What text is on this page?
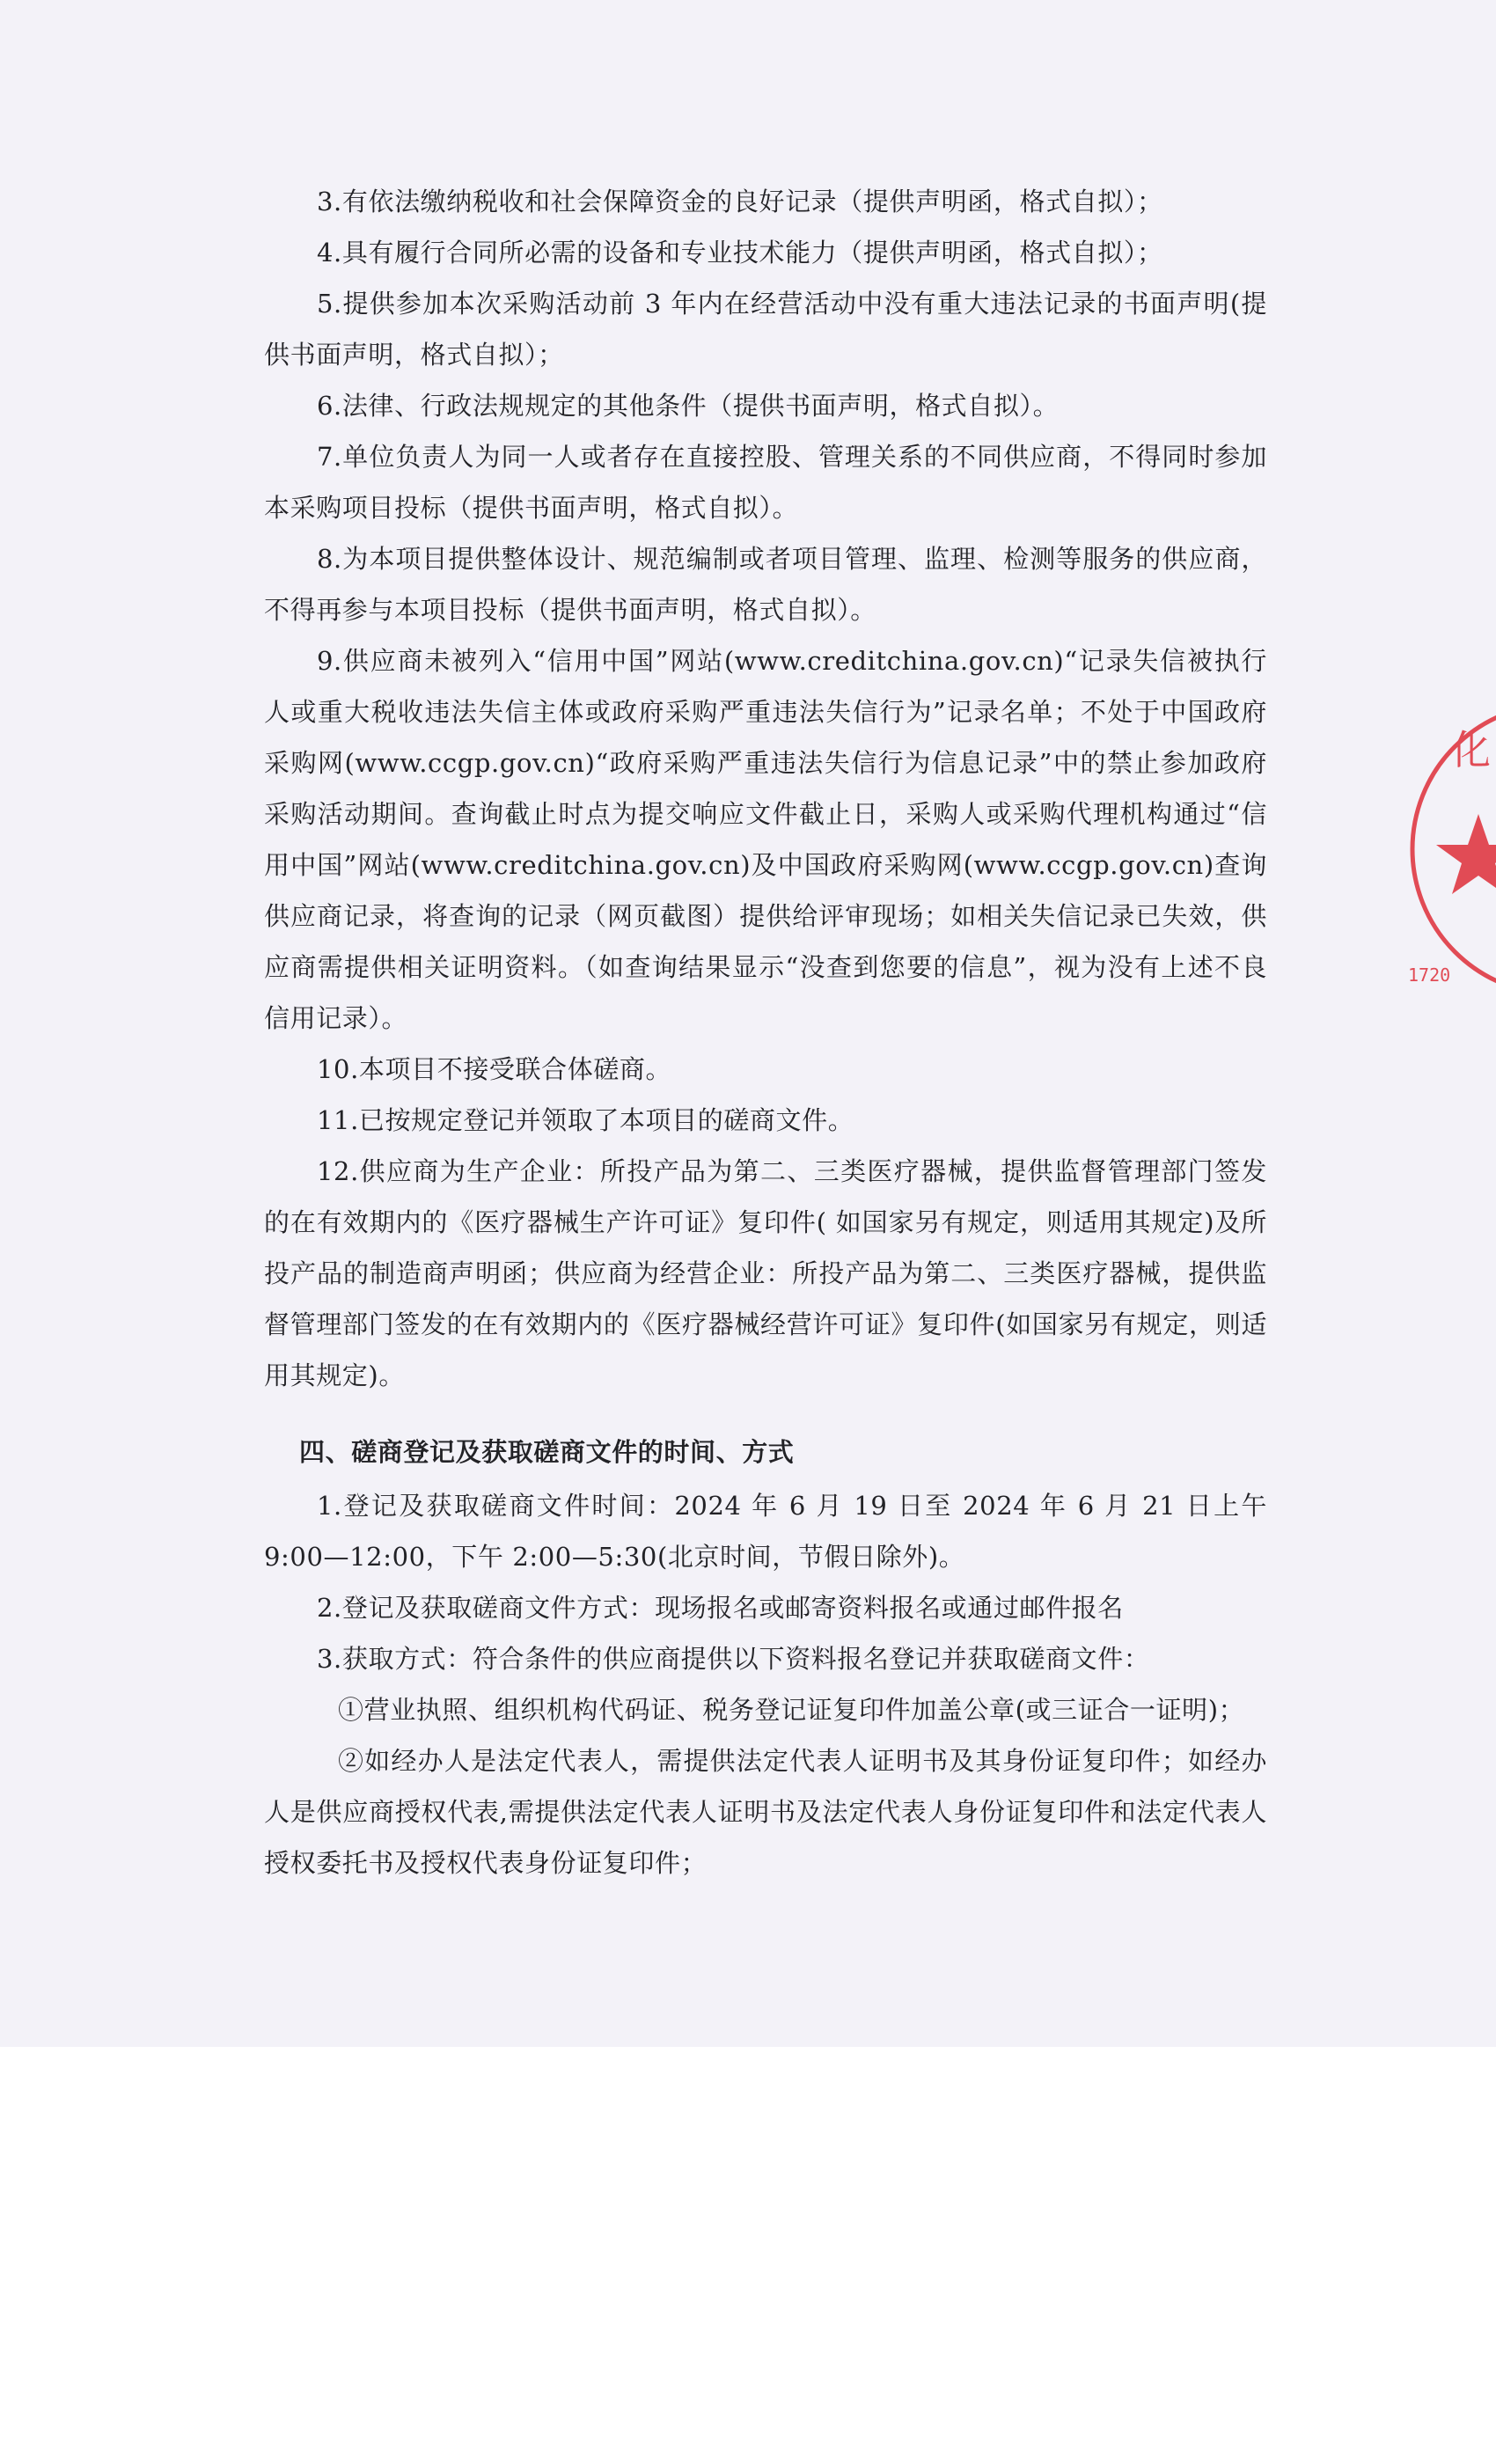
3.有依法缴纳税收和社会保障资金的良好记录（提供声明函，格式自拟）；

4.具有履行合同所必需的设备和专业技术能力（提供声明函，格式自拟）；

5.提供参加本次采购活动前 3 年内在经营活动中没有重大违法记录的书面声明(提供书面声明，格式自拟）；

6.法律、行政法规规定的其他条件（提供书面声明，格式自拟）。

7.单位负责人为同一人或者存在直接控股、管理关系的不同供应商，不得同时参加本采购项目投标（提供书面声明，格式自拟）。

8.为本项目提供整体设计、规范编制或者项目管理、监理、检测等服务的供应商，不得再参与本项目投标（提供书面声明，格式自拟）。

9.供应商未被列入“信用中国”网站(www.creditchina.gov.cn)“记录失信被执行人或重大税收违法失信主体或政府采购严重违法失信行为”记录名单；不处于中国政府采购网(www.ccgp.gov.cn)“政府采购严重违法失信行为信息记录”中的禁止参加政府采购活动期间。查询截止时点为提交响应文件截止日，采购人或采购代理机构通过“信用中国”网站(www.creditchina.gov.cn)及中国政府采购网(www.ccgp.gov.cn)查询供应商记录，将查询的记录（网页截图）提供给评审现场；如相关失信记录已失效，供应商需提供相关证明资料。（如查询结果显示“没查到您要的信息”，视为没有上述不良信用记录）。

10.本项目不接受联合体磋商。

11.已按规定登记并领取了本项目的磋商文件。

12.供应商为生产企业：所投产品为第二、三类医疗器械，提供监督管理部门签发的在有效期内的《医疗器械生产许可证》复印件( 如国家另有规定，则适用其规定)及所投产品的制造商声明函；供应商为经营企业：所投产品为第二、三类医疗器械，提供监督管理部门签发的在有效期内的《医疗器械经营许可证》复印件(如国家另有规定，则适用其规定)。

四、磋商登记及获取磋商文件的时间、方式

1.登记及获取磋商文件时间：2024 年 6 月 19 日至 2024 年 6 月 21 日上午 9:00—12:00，下午 2:00—5:30(北京时间，节假日除外)。

2.登记及获取磋商文件方式：现场报名或邮寄资料报名或通过邮件报名

3.获取方式：符合条件的供应商提供以下资料报名登记并获取磋商文件：

①营业执照、组织机构代码证、税务登记证复印件加盖公章(或三证合一证明)；

②如经办人是法定代表人，需提供法定代表人证明书及其身份证复印件；如经办人是供应商授权代表,需提供法定代表人证明书及法定代表人身份证复印件和法定代表人授权委托书及授权代表身份证复印件；

化
1720
